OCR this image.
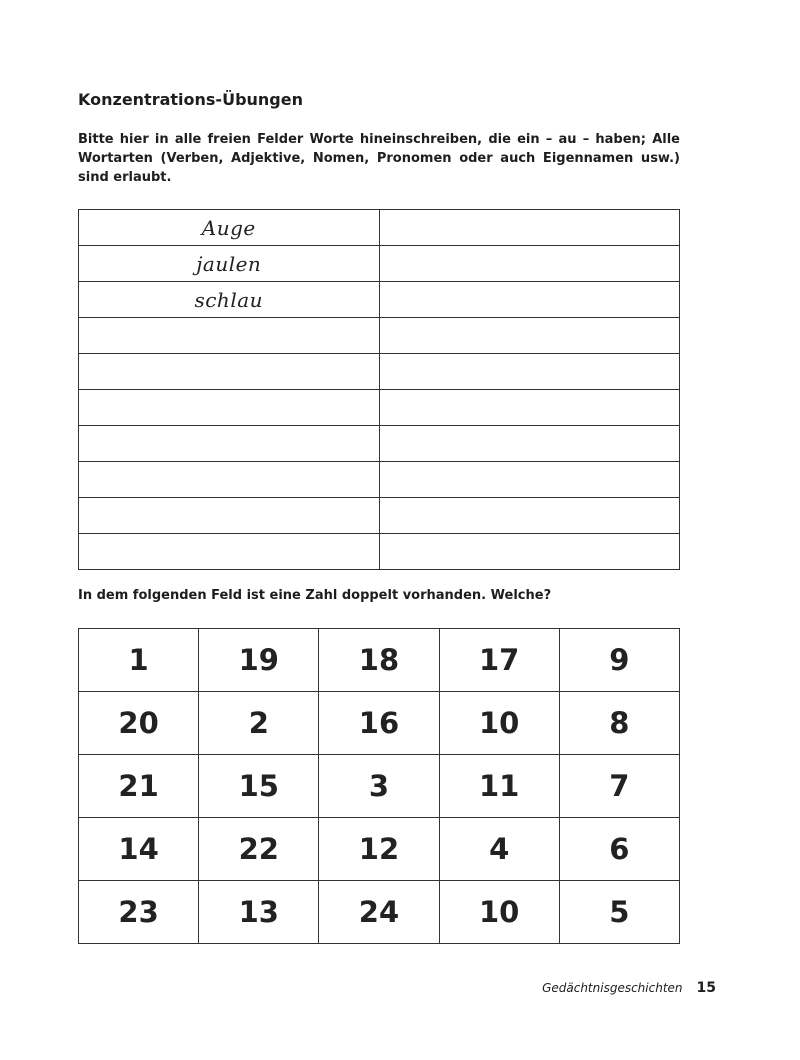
Konzentrations-Übungen

Bitte hier in alle freien Felder Worte hineinschreiben, die ein – au – haben; Alle Wortarten (Verben, Adjektive, Nomen, Pronomen oder auch Eigennamen usw.) sind erlaubt.

Auge	
jaulen	
schlau	

In dem folgenden Feld ist eine Zahl doppelt vorhanden. Welche?

1	19	18	17	9
20	2	16	10	8
21	15	3	11	7
14	22	12	4	6
23	13	24	10	5
Gedächtnisgeschichten 15
